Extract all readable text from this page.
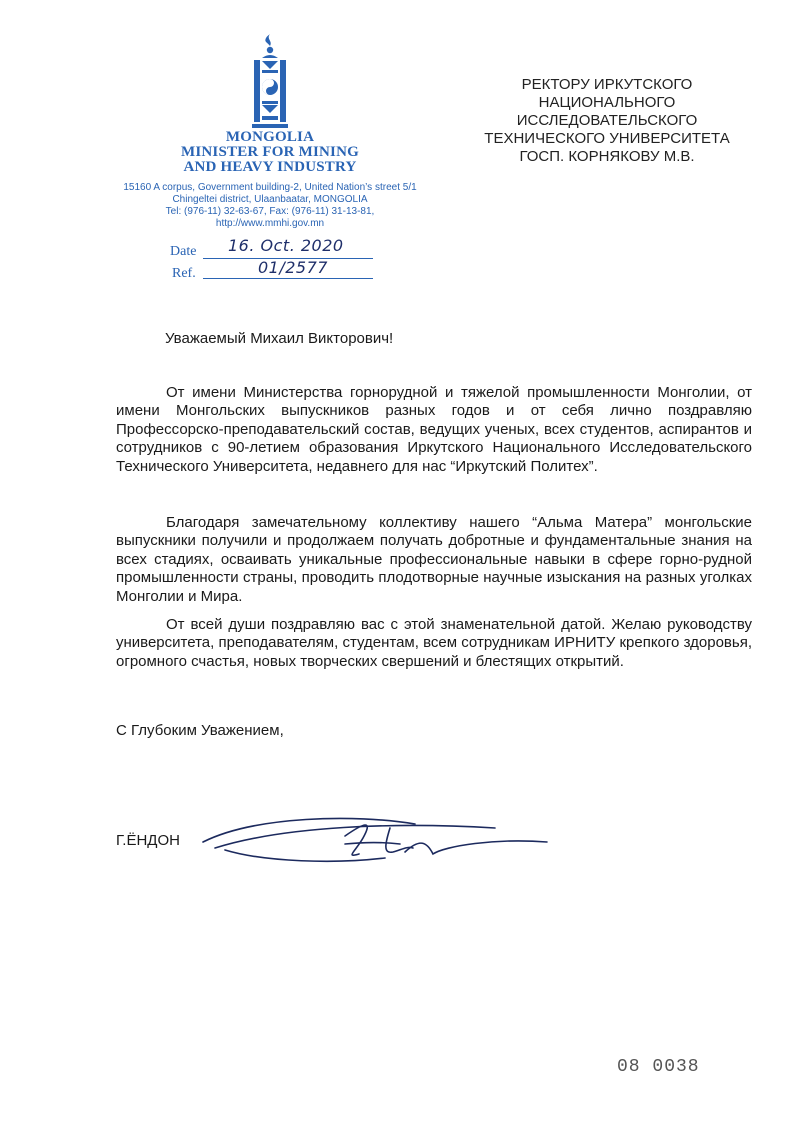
MONGOLIA
MINISTER FOR MINING
AND HEAVY INDUSTRY
15160 A corpus, Government building-2, United Nation’s street 5/1
Chingeltei district, Ulaanbaatar, MONGOLIA
Tel: (976-11) 32-63-67, Fax: (976-11) 31-13-81,
http://www.mmhi.gov.mn
Date 16. Oct. 2020
Ref.	01/2577
РЕКТОРУ ИРКУТСКОГО
НАЦИОНАЛЬНОГО
ИССЛЕДОВАТЕЛЬСКОГО
ТЕХНИЧЕСКОГО УНИВЕРСИТЕТА
ГОСП. КОРНЯКОВУ М.В.
Уважаемый Михаил Викторович!

От имени Министерства горнорудной и тяжелой промышленности Монголии, от имени Монгольских выпускников разных годов и от себя лично поздравляю Профессорско-преподавательский состав, ведущих ученых, всех студентов, аспирантов и сотрудников с 90-летием образования Иркутского Национального Исследовательского Технического Университета, недавнего для нас “Иркутский Политех”.

Благодаря замечательному коллективу нашего “Альма Матера” монгольские выпускники получили и продолжаем получать добротные и фундаментальные знания на всех стадиях, осваивать уникальные профессиональные навыки в сфере горно-рудной промышленности страны, проводить плодотворные научные изыскания на разных уголках Монголии и Мира.

От всей души поздравляю вас с этой знаменательной датой. Желаю руководству университета, преподавателям, студентам, всем сотрудникам ИРНИТУ крепкого здоровья, огромного счастья, новых творческих свершений и блестящих открытий.

С Глубоким Уважением,
Г.ЁНДОН
08 0038
